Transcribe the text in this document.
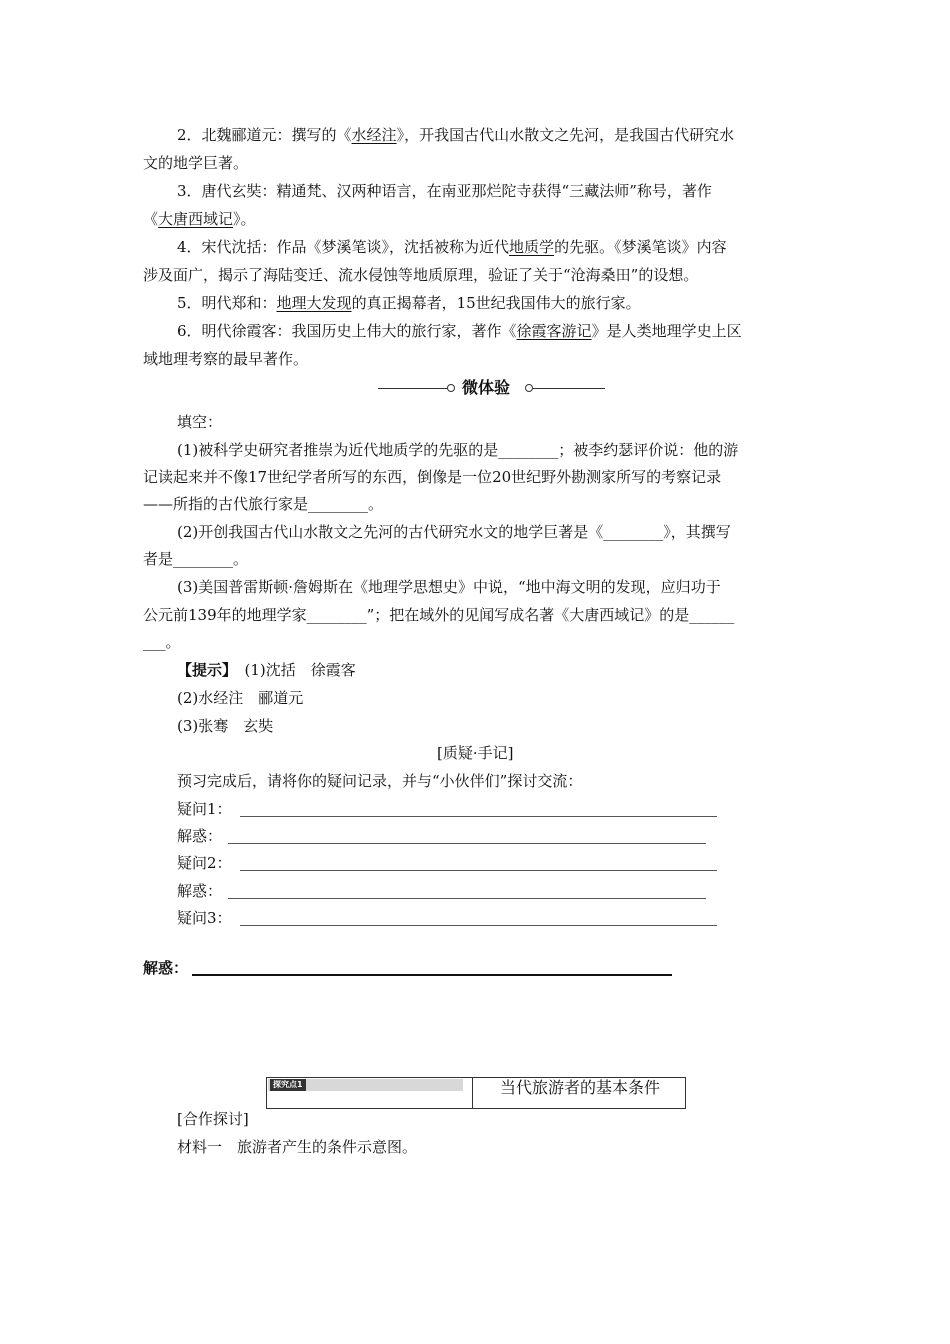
2．北魏郦道元：撰写的《水经注》，开我国古代山水散文之先河，是我国古代研究水
文的地学巨著。
3．唐代玄奘：精通梵、汉两种语言，在南亚那烂陀寺获得“三藏法师”称号，著作
《大唐西域记》。
4．宋代沈括：作品《梦溪笔谈》，沈括被称为近代地质学的先驱。《梦溪笔谈》内容
涉及面广，揭示了海陆变迁、流水侵蚀等地质原理，验证了关于“沧海桑田”的设想。
5．明代郑和：地理大发现的真正揭幕者，15世纪我国伟大的旅行家。
6．明代徐霞客：我国历史上伟大的旅行家，著作《徐霞客游记》是人类地理学史上区
域地理考察的最早著作。
微体验
填空：
(1)被科学史研究者推崇为近代地质学的先驱的是________；被李约瑟评价说：他的游
记读起来并不像17世纪学者所写的东西，倒像是一位20世纪野外勘测家所写的考察记录
——所指的古代旅行家是________。
(2)开创我国古代山水散文之先河的古代研究水文的地学巨著是《________》，其撰写
者是________。
(3)美国普雷斯顿·詹姆斯在《地理学思想史》中说，“地中海文明的发现，应归功于
公元前139年的地理学家________”；把在域外的见闻写成名著《大唐西域记》的是______
___。
【提示】　 (1)沈括　徐霞客
(2)水经注　郦道元
(3)张骞　玄奘
[质疑·手记]
预习完成后，请将你的疑问记录，并与“小伙伴们”探讨交流：
疑问1：
解惑：
疑问2：
解惑：
疑问3：
解惑：
探究点1	当代旅游者的基本条件
[合作探讨]
材料一　旅游者产生的条件示意图。
